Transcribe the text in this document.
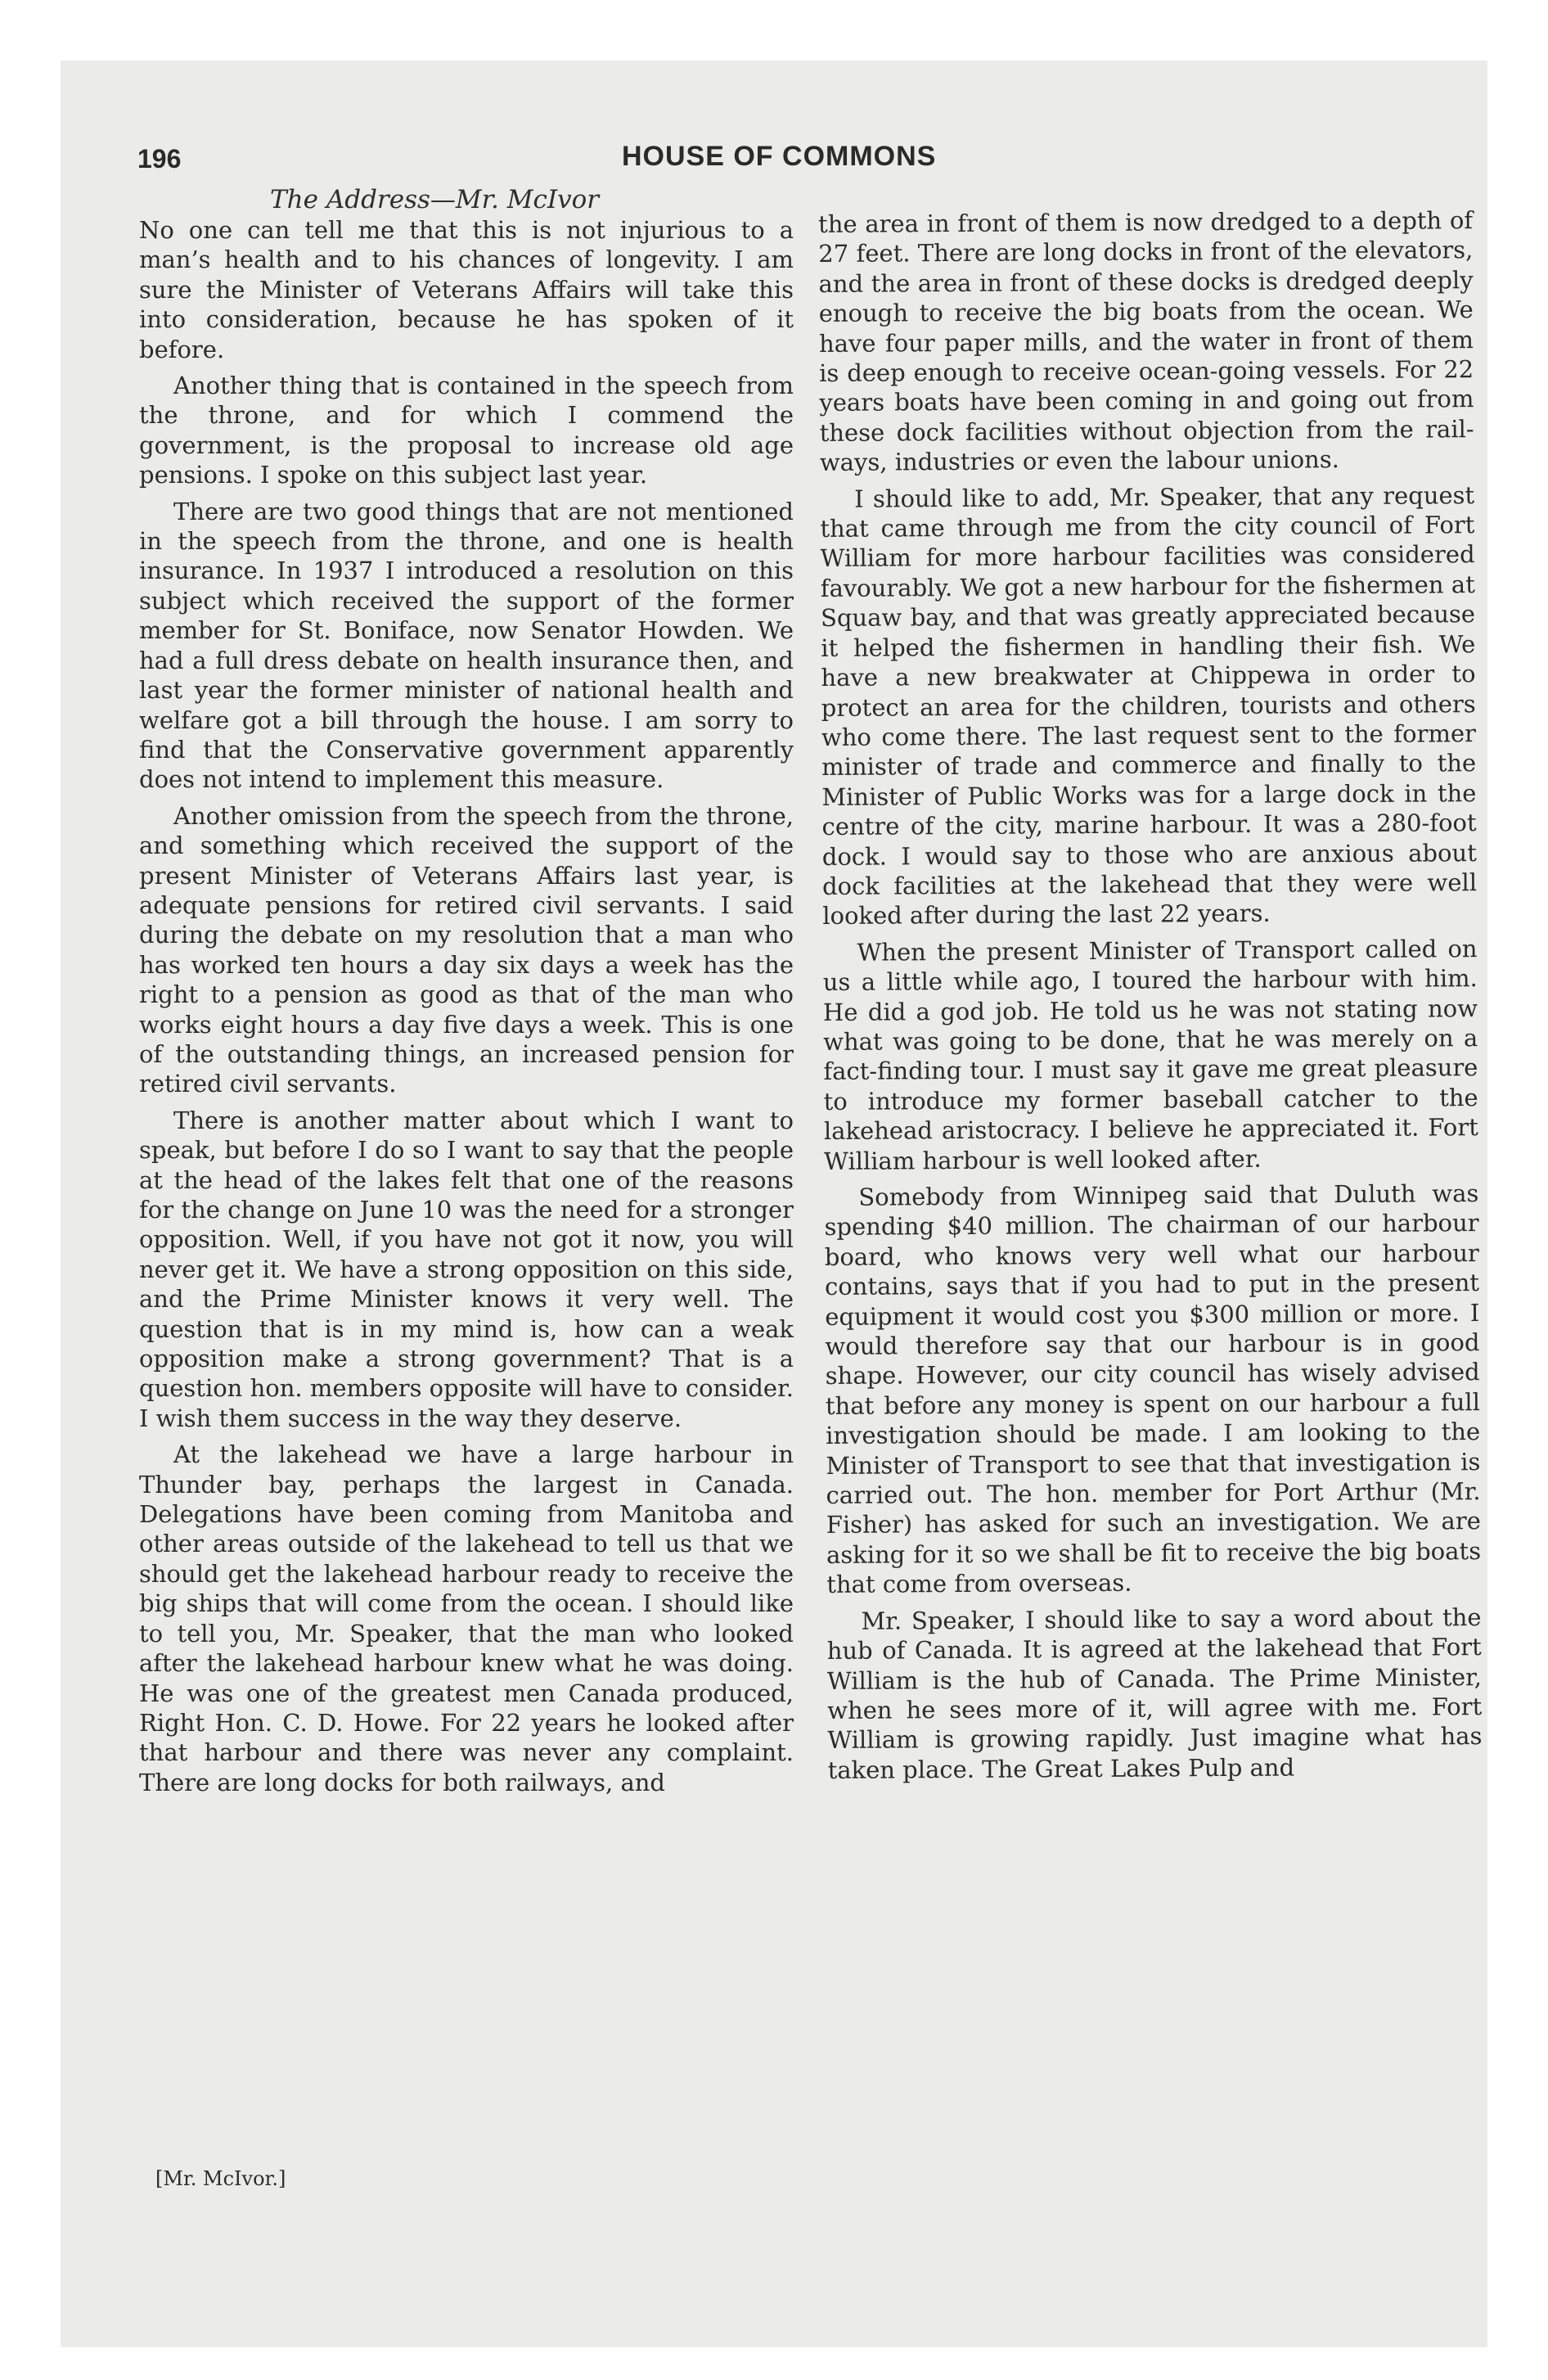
196	HOUSE OF COMMONS
The Address—Mr. McIvor

No one can tell me that this is not injurious to a man’s health and to his chances of longevity. I am sure the Minister of Veterans Affairs will take this into consideration, because he has spoken of it before.

Another thing that is contained in the speech from the throne, and for which I commend the government, is the proposal to increase old age pensions. I spoke on this subject last year.

There are two good things that are not mentioned in the speech from the throne, and one is health insurance. In 1937 I introduced a resolution on this subject which received the support of the former member for St. Boniface, now Senator Howden. We had a full dress debate on health insurance then, and last year the former minister of national health and welfare got a bill through the house. I am sorry to find that the Conservative government apparently does not intend to implement this measure.

Another omission from the speech from the throne, and something which received the support of the present Minister of Veterans Affairs last year, is adequate pensions for retired civil servants. I said during the debate on my resolution that a man who has worked ten hours a day six days a week has the right to a pension as good as that of the man who works eight hours a day five days a week. This is one of the outstanding things, an increased pension for retired civil servants.

There is another matter about which I want to speak, but before I do so I want to say that the people at the head of the lakes felt that one of the reasons for the change on June 10 was the need for a stronger opposition. Well, if you have not got it now, you will never get it. We have a strong opposition on this side, and the Prime Minister knows it very well. The question that is in my mind is, how can a weak opposition make a strong government? That is a question hon. members opposite will have to consider. I wish them success in the way they deserve.

At the lakehead we have a large harbour in Thunder bay, perhaps the largest in Canada. Delegations have been coming from Manitoba and other areas outside of the lakehead to tell us that we should get the lakehead harbour ready to receive the big ships that will come from the ocean. I should like to tell you, Mr. Speaker, that the man who looked after the lakehead harbour knew what he was doing. He was one of the greatest men Canada produced, Right Hon. C. D. Howe. For 22 years he looked after that harbour and there was never any complaint. There are long docks for both railways, and

the area in front of them is now dredged to a depth of 27 feet. There are long docks in front of the elevators, and the area in front of these docks is dredged deeply enough to receive the big boats from the ocean. We have four paper mills, and the water in front of them is deep enough to receive ocean-going vessels. For 22 years boats have been coming in and going out from these dock facilities without objection from the railways, industries or even the labour unions.

I should like to add, Mr. Speaker, that any request that came through me from the city council of Fort William for more harbour facilities was considered favourably. We got a new harbour for the fishermen at Squaw bay, and that was greatly appreciated because it helped the fishermen in handling their fish. We have a new breakwater at Chippewa in order to protect an area for the children, tourists and others who come there. The last request sent to the former minister of trade and commerce and finally to the Minister of Public Works was for a large dock in the centre of the city, marine harbour. It was a 280-foot dock. I would say to those who are anxious about dock facilities at the lakehead that they were well looked after during the last 22 years.

When the present Minister of Transport called on us a little while ago, I toured the harbour with him. He did a god job. He told us he was not stating now what was going to be done, that he was merely on a fact-finding tour. I must say it gave me great pleasure to introduce my former baseball catcher to the lakehead aristocracy. I believe he appreciated it. Fort William harbour is well looked after.

Somebody from Winnipeg said that Duluth was spending $40 million. The chairman of our harbour board, who knows very well what our harbour contains, says that if you had to put in the present equipment it would cost you $300 million or more. I would therefore say that our harbour is in good shape. However, our city council has wisely advised that before any money is spent on our harbour a full investigation should be made. I am looking to the Minister of Transport to see that that investigation is carried out. The hon. member for Port Arthur (Mr. Fisher) has asked for such an investigation. We are asking for it so we shall be fit to receive the big boats that come from overseas.

Mr. Speaker, I should like to say a word about the hub of Canada. It is agreed at the lakehead that Fort William is the hub of Canada. The Prime Minister, when he sees more of it, will agree with me. Fort William is growing rapidly. Just imagine what has taken place. The Great Lakes Pulp and

[Mr. McIvor.]
